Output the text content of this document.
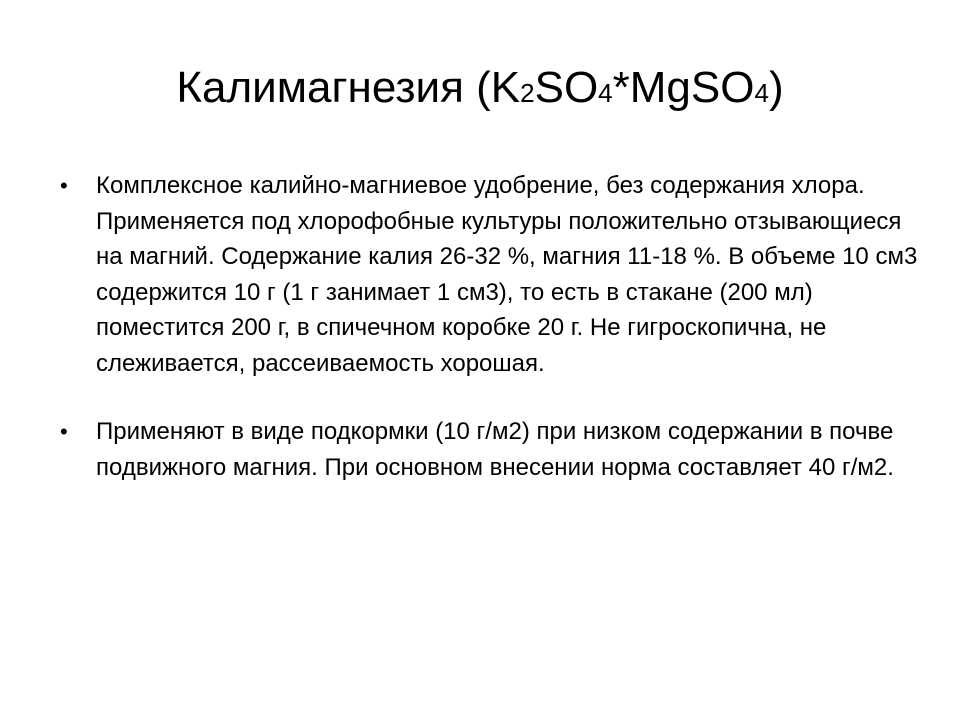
Калимагнезия (K2SO4*MgSO4)
• Комплексное калийно-магниевое удобрение, без содержания хлора. Применяется под хлорофобные культуры положительно отзывающиеся на магний. Содержание калия 26-32 %, магния 11-18 %. В объеме 10 см3 содержится 10 г (1 г занимает 1 см3), то есть в стакане (200 мл) поместится 200 г, в спичечном коробке 20 г. Не гигроскопична, не слеживается, рассеиваемость хорошая.
• Применяют в виде подкормки (10 г/м2) при низком содержании в почве подвижного магния. При основном внесении норма составляет 40 г/м2.
